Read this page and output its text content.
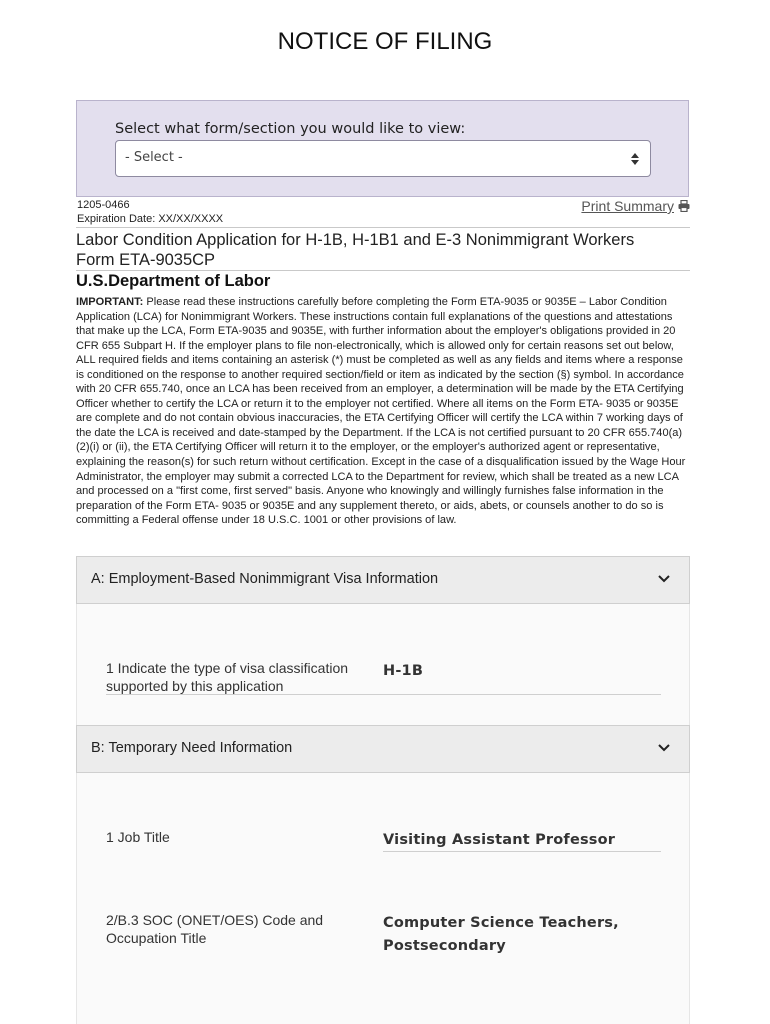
NOTICE OF FILING
Select what form/section you would like to view:
- Select -
1205-0466
Expiration Date: XX/XX/XXXX
Print Summary
Labor Condition Application for H-1B, H-1B1 and E-3 Nonimmigrant Workers
Form ETA-9035CP
U.S.Department of Labor
IMPORTANT: Please read these instructions carefully before completing the Form ETA-9035 or 9035E – Labor Condition Application (LCA) for Nonimmigrant Workers. These instructions contain full explanations of the questions and attestations that make up the LCA, Form ETA-9035 and 9035E, with further information about the employer's obligations provided in 20 CFR 655 Subpart H. If the employer plans to file non-electronically, which is allowed only for certain reasons set out below, ALL required fields and items containing an asterisk (*) must be completed as well as any fields and items where a response is conditioned on the response to another required section/field or item as indicated by the section (§) symbol. In accordance with 20 CFR 655.740, once an LCA has been received from an employer, a determination will be made by the ETA Certifying Officer whether to certify the LCA or return it to the employer not certified. Where all items on the Form ETA- 9035 or 9035E are complete and do not contain obvious inaccuracies, the ETA Certifying Officer will certify the LCA within 7 working days of the date the LCA is received and date-stamped by the Department. If the LCA is not certified pursuant to 20 CFR 655.740(a)(2)(i) or (ii), the ETA Certifying Officer will return it to the employer, or the employer's authorized agent or representative, explaining the reason(s) for such return without certification. Except in the case of a disqualification issued by the Wage Hour Administrator, the employer may submit a corrected LCA to the Department for review, which shall be treated as a new LCA and processed on a "first come, first served" basis. Anyone who knowingly and willingly furnishes false information in the preparation of the Form ETA- 9035 or 9035E and any supplement thereto, or aids, abets, or counsels another to do so is committing a Federal offense under 18 U.S.C. 1001 or other provisions of law.
A: Employment-Based Nonimmigrant Visa Information
1 Indicate the type of visa classification supported by this application
H-1B
B: Temporary Need Information
1 Job Title	Visiting Assistant Professor
2/B.3 SOC (ONET/OES) Code and Occupation Title
Computer Science Teachers, Postsecondary
